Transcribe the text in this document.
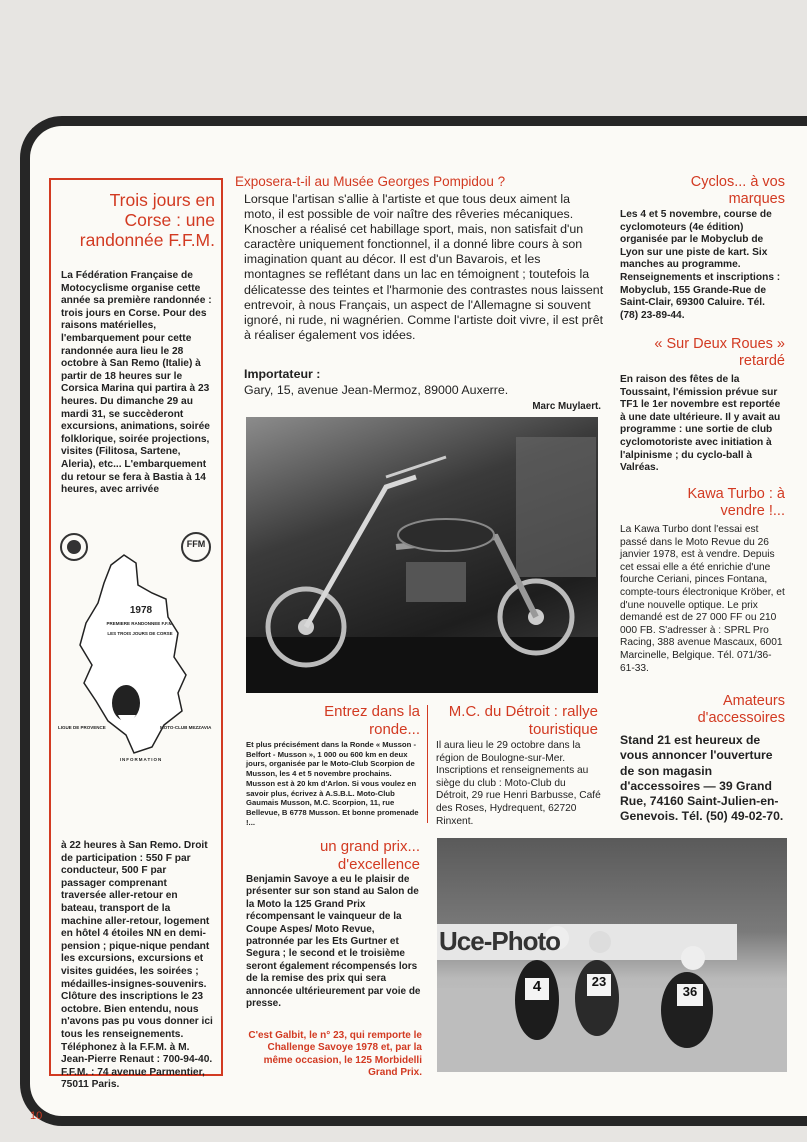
Trois jours en Corse : une randonnée F.F.M.

La Fédération Française de Motocyclisme organise cette année sa première randonnée : trois jours en Corse. Pour des raisons matérielles, l'embarquement pour cette randonnée aura lieu le 28 octobre à San Remo (Italie) à partir de 18 heures sur le Corsica Marina qui partira à 23 heures. Du dimanche 29 au mardi 31, se succèderont excursions, animations, soirée folklorique, soirée projections, visites (Filitosa, Sartene, Aleria), etc... L'embarquement du retour se fera à Bastia à 14 heures, avec arrivée

FFM
1978
PREMIERE RANDONNEE F.F.M.
LES TROIS JOURS DE CORSE
LIGUE DE PROVENCE	MOTO-CLUB MEZZAVIA
INFORMATION

à 22 heures à San Remo. Droit de participation : 550 F par conducteur, 500 F par passager comprenant traversée aller-retour en bateau, transport de la machine aller-retour, logement en hôtel 4 étoiles NN en demi-pension ; pique-nique pendant les excursions, excursions et visites guidées, les soirées ; médailles-insignes-souvenirs. Clôture des inscriptions le 23 octobre. Bien entendu, nous n'avons pas pu vous donner ici tous les renseignements. Téléphonez à la F.F.M. à M. Jean-Pierre Renaut : 700-94-40. F.F.M. : 74 avenue Parmentier, 75011 Paris.

Exposera-t-il au Musée Georges Pompidou ?

Lorsque l'artisan s'allie à l'artiste et que tous deux aiment la moto, il est possible de voir naître des rêveries mécaniques. Knoscher a réalisé cet habillage sport, mais, non satisfait d'un caractère uniquement fonctionnel, il a donné libre cours à son imagination quant au décor. Il est d'un Bavarois, et les montagnes se reflétant dans un lac en témoignent ; toutefois la délicatesse des teintes et l'harmonie des contrastes nous laissent entrevoir, à nous Français, un aspect de l'Allemagne si souvent ignoré, ni rude, ni wagnérien. Comme l'artiste doit vivre, il est prêt à réaliser également vos idées.

Importateur :
Gary, 15, avenue Jean-Mermoz, 89000 Auxerre.
Marc Muylaert.
Cyclos... à vos marques

Les 4 et 5 novembre, course de cyclomoteurs (4e édition) organisée par le Mobyclub de Lyon sur une piste de kart. Six manches au programme. Renseignements et inscriptions : Mobyclub, 155 Grande-Rue de Saint-Clair, 69300 Caluire. Tél. (78) 23-89-44.

« Sur Deux Roues » retardé

En raison des fêtes de la Toussaint, l'émission prévue sur TF1 le 1er novembre est reportée à une date ultérieure. Il y avait au programme : une sortie de club cyclomotoriste avec initiation à l'alpinisme ; du cyclo-ball à Valréas.

Kawa Turbo : à vendre !...

La Kawa Turbo dont l'essai est passé dans le Moto Revue du 26 janvier 1978, est à vendre. Depuis cet essai elle a été enrichie d'une fourche Ceriani, pinces Fontana, compte-tours électronique Kröber, et d'une nouvelle optique. Le prix demandé est de 27 000 FF ou 210 000 FB. S'adresser à : SPRL Pro Racing, 388 avenue Mascaux, 6001 Marcinelle, Belgique. Tél. 071/36-61-33.

Amateurs d'accessoires

Stand 21 est heureux de vous annoncer l'ouverture de son magasin d'accessoires — 39 Grand Rue, 74160 Saint-Julien-en-Genevois. Tél. (50) 49-02-70.

Entrez dans la ronde...

Et plus précisément dans la Ronde « Musson - Belfort - Musson », 1 000 ou 600 km en deux jours, organisée par le Moto-Club Scorpion de Musson, les 4 et 5 novembre prochains. Musson est à 20 km d'Arlon. Si vous voulez en savoir plus, écrivez à A.S.B.L. Moto-Club Gaumais Musson, M.C. Scorpion, 11, rue Bellevue, B 6778 Musson. Et bonne promenade !...

M.C. du Détroit : rallye touristique

Il aura lieu le 29 octobre dans la région de Boulogne-sur-Mer. Inscriptions et renseignements au siège du club : Moto-Club du Détroit, 29 rue Henri Barbusse, Café des Roses, Hydrequent, 62720 Rinxent.

un grand prix... d'excellence

Benjamin Savoye a eu le plaisir de présenter sur son stand au Salon de la Moto la 125 Grand Prix récompensant le vainqueur de la Coupe Aspes/ Moto Revue, patronnée par les Ets Gurtner et Segura ; le second et le troisième seront également récompensés lors de la remise des prix qui sera annoncée ultérieurement par voie de presse.

C'est Galbit, le n° 23, qui remporte le Challenge Savoye 1978 et, par la même occasion, le 125 Morbidelli Grand Prix.

Uce-Photo
4	23
36
10
